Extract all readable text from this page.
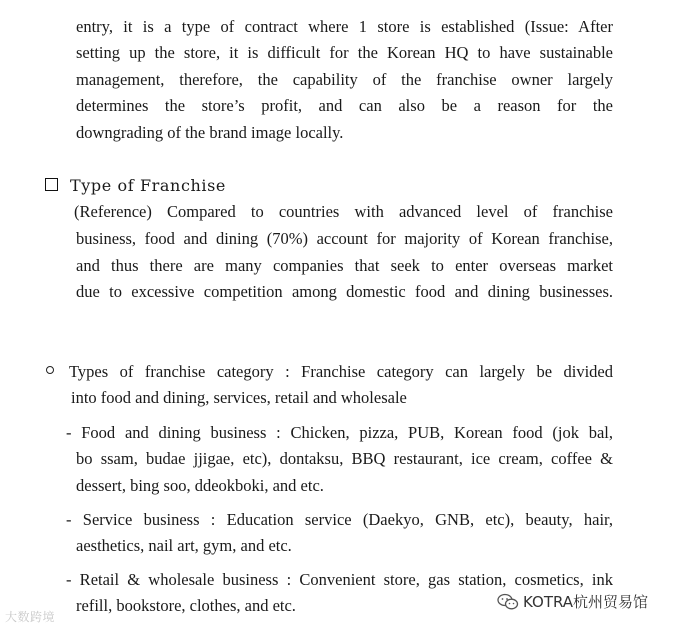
entry, it is a type of contract where 1 store is established (Issue: After
setting up the store, it is difficult for the Korean HQ to have sustainable
management, therefore, the capability of the franchise owner largely
determines the store’s profit, and can also be a reason for the
downgrading of the brand image locally.
Type of Franchise
(Reference) Compared to countries with advanced level of franchise
business, food and dining (70%) account for majority of Korean franchise,
and thus there are many companies that seek to enter overseas market
due to excessive competition among domestic food and dining businesses.
Types of franchise category : Franchise category can largely be divided
into food and dining, services, retail and wholesale
- Food and dining business : Chicken, pizza, PUB, Korean food (jok bal,
bo ssam, budae jjigae, etc), dontaksu, BBQ restaurant, ice cream, coffee &
dessert, bing soo, ddeokboki, and etc.
- Service business : Education service (Daekyo, GNB, etc), beauty, hair,
aesthetics, nail art, gym, and etc.
- Retail & wholesale business : Convenient store, gas station, cosmetics, ink
refill, bookstore, clothes, and etc.
大数跨境
KOTRA杭州贸易馆
